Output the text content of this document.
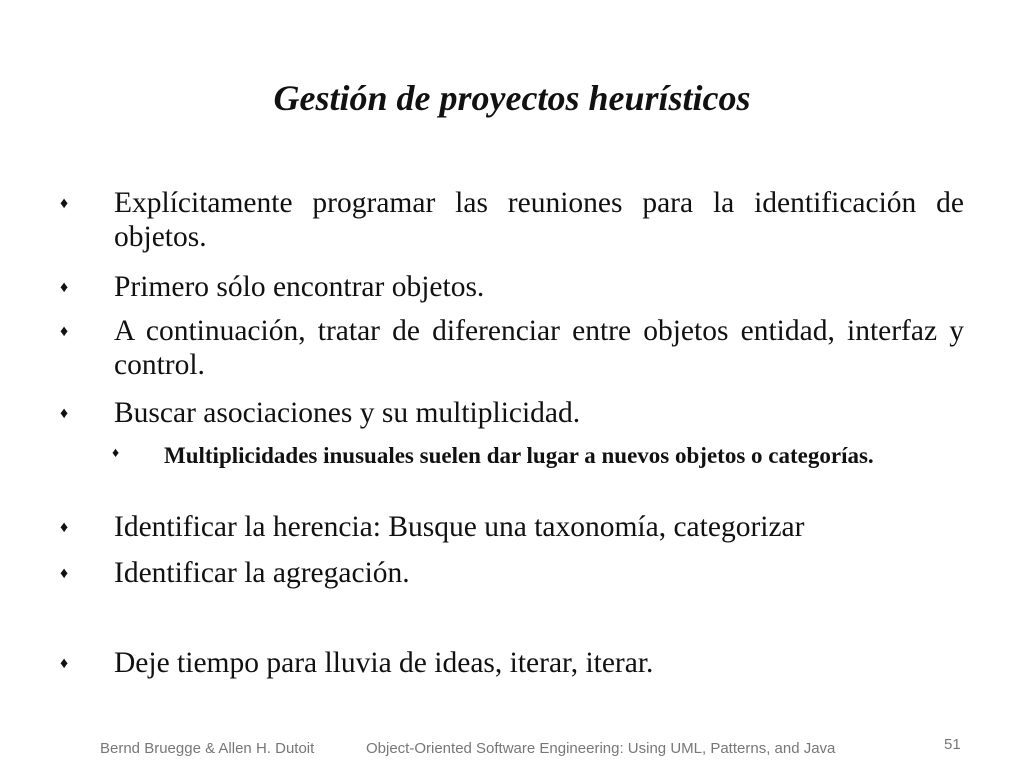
Gestión de proyectos heurísticos
♦ Explícitamente programar las reuniones para la identificación de objetos.
♦ Primero sólo encontrar objetos.
♦ A continuación, tratar de diferenciar entre objetos entidad, interfaz y control.
♦ Buscar asociaciones y su multiplicidad.
♦ Multiplicidades inusuales suelen dar lugar a nuevos objetos o categorías.
♦ Identificar la herencia: Busque una taxonomía, categorizar
♦ Identificar la agregación.
♦ Deje tiempo para lluvia de ideas, iterar, iterar.
Bernd Bruegge & Allen H. Dutoit	Object-Oriented Software Engineering: Using UML, Patterns, and Java	51
